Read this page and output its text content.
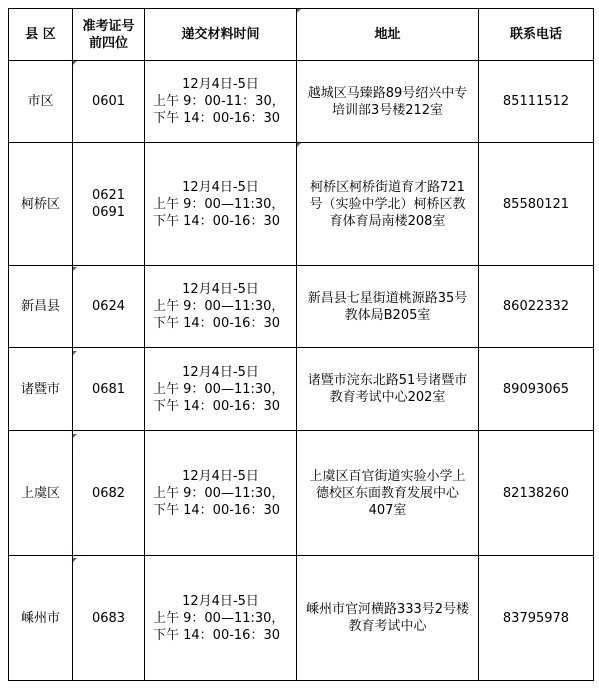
县 区	准考证号
前四位	递交材料时间	地址	联系电话
市区	0601	12月4日-5日
上午 9：00-11：30，
下午 14：00-16：30	越城区马臻路89号绍兴中专
培训部3号楼212室	85111512
柯桥区	0621
0691	12月4日-5日
上午 9：00—11:30，
下午 14：00-16：30	柯桥区柯桥街道育才路721
号（实验中学北）柯桥区教
育体育局南楼208室	85580121
新昌县	0624	12月4日-5日
上午 9：00—11:30，
下午 14：00-16：30	新昌县七星街道桃源路35号
教体局B205室	86022332
诸暨市	0681	12月4日-5日
上午 9：00—11:30，
下午 14：00-16：30	诸暨市浣东北路51号诸暨市
教育考试中心202室	89093065
上虞区	0682	12月4日-5日
上午 9：00—11:30，
下午 14：00-16：30	上虞区百官街道实验小学上
德校区东面教育发展中心
407室	82138260
嵊州市	0683	12月4日-5日
上午 9：00—11:30，
下午 14：00-16：30	嵊州市官河横路333号2号楼
教育考试中心	83795978
